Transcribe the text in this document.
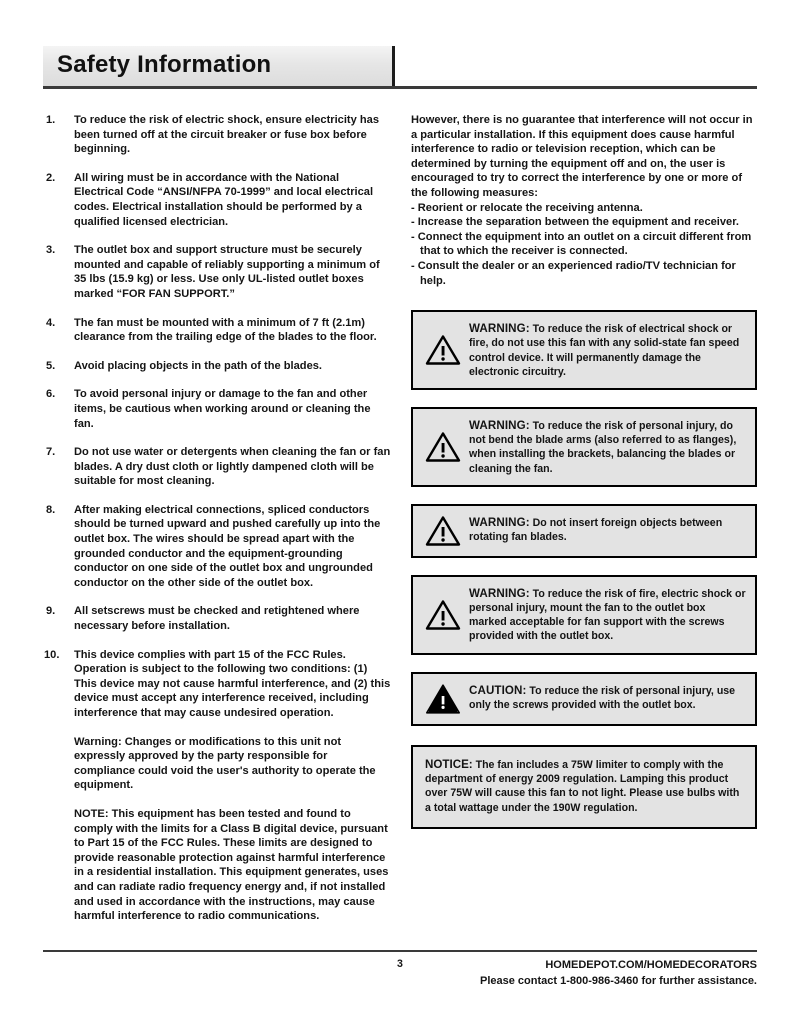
Safety Information
1.	To reduce the risk of electric shock, ensure electricity has been turned off at the circuit breaker or fuse box before beginning.
2.	All wiring must be in accordance with the National Electrical Code “ANSI/NFPA 70-1999” and local electrical codes. Electrical installation should be performed by a qualified licensed electrician.
3.	The outlet box and support structure must be securely mounted and capable of reliably supporting a minimum of 35 lbs (15.9 kg) or less. Use only UL-listed outlet boxes marked “FOR FAN SUPPORT.”
4.	The fan must be mounted with a minimum of 7 ft (2.1m) clearance from the trailing edge of the blades to the floor.
5.	Avoid placing objects in the path of the blades.
6.	To avoid personal injury or damage to the fan and other items, be cautious when working around or cleaning the fan.
7.	Do not use water or detergents when cleaning the fan or fan blades. A dry dust cloth or lightly dampened cloth will be suitable for most cleaning.
8.	After making electrical connections, spliced conductors should be turned upward and pushed carefully up into the outlet box. The wires should be spread apart with the grounded conductor and the equipment-grounding conductor on one side of the outlet box and ungrounded conductor on the other side of the outlet box.
9.	All setscrews must be checked and retightened where necessary before installation.
10.	This device complies with part 15 of the FCC Rules. Operation is subject to the following two conditions: (1) This device may not cause harmful interference, and (2) this device must accept any interference received, including interference that may cause undesired operation.

Warning: Changes or modifications to this unit not expressly approved by the party responsible for compliance could void the user's authority to operate the equipment.

NOTE: This equipment has been tested and found to comply with the limits for a Class B digital device, pursuant to Part 15 of the FCC Rules. These limits are designed to provide reasonable protection against harmful interference in a residential installation. This equipment generates, uses and can radiate radio frequency energy and, if not installed and used in accordance with the instructions, may cause harmful interference to radio communications.

However, there is no guarantee that interference will not occur in a particular installation. If this equipment does cause harmful interference to radio or television reception, which can be determined by turning the equipment off and on, the user is encouraged to try to correct the interference by one or more of the following measures:

- Reorient or relocate the receiving antenna.
- Increase the separation between the equipment and receiver.
- Connect the equipment into an outlet on a circuit different from
that to which the receiver is connected.
- Consult the dealer or an experienced radio/TV technician for
help.
WARNING: To reduce the risk of electrical shock or fire, do not use this fan with any solid-state fan speed control device. It will permanently damage the electronic circuitry.
WARNING: To reduce the risk of personal injury, do not bend the blade arms (also referred to as flanges), when installing the brackets, balancing the blades or cleaning the fan.
WARNING: Do not insert foreign objects between rotating fan blades.
WARNING: To reduce the risk of fire, electric shock or personal injury, mount the fan to the outlet box marked acceptable for fan support with the screws provided with the outlet box.
CAUTION: To reduce the risk of personal injury, use only the screws provided with the outlet box.
NOTICE: The fan includes a 75W limiter to comply with the department of energy 2009 regulation. Lamping this product over 75W will cause this fan to not light. Please use bulbs with a total wattage under the 190W regulation.
3	HOMEDEPOT.COM/HOMEDECORATORS
Please contact 1-800-986-3460 for further assistance.
